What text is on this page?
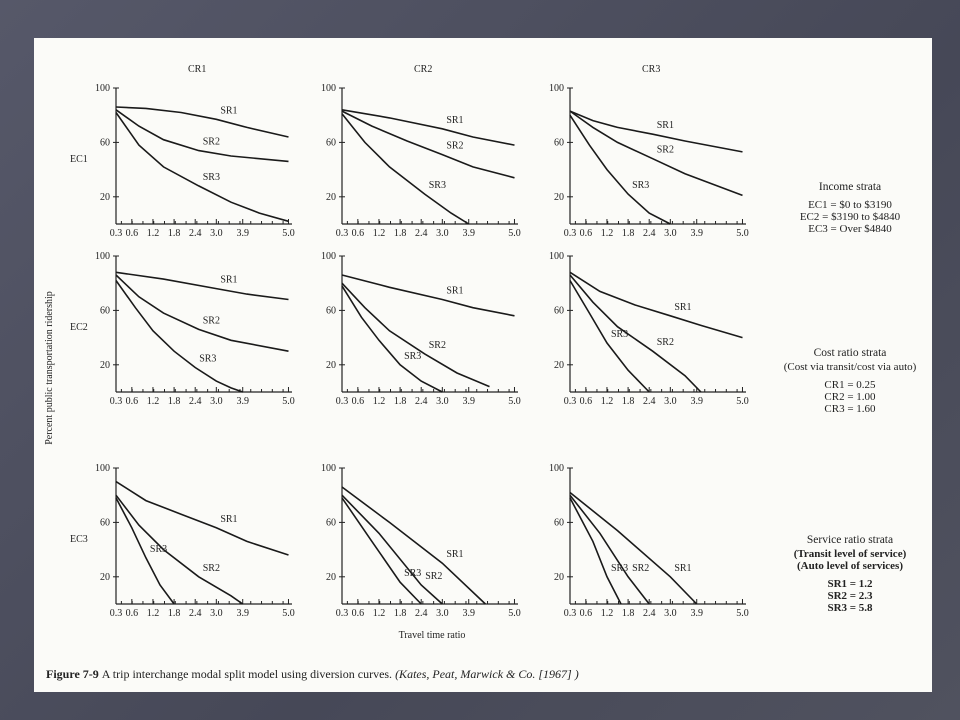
CR1	CR2	CR3
EC1
EC2
EC3
Percent public transportation ridership
20
60
100
0.3 0.6 1.2 1.8 2.4 3.0 3.9	5.0
SR1
SR2
SR3
20
60
100
0.3 0.6 1.2 1.8 2.4 3.0 3.9	5.0
SR1
SR2
SR3
20
60
100
0.3 0.6 1.2 1.8 2.4 3.0 3.9	5.0
SR1
SR2
SR3
20
60
100
0.3 0.6 1.2 1.8 2.4 3.0 3.9	5.0
SR1
SR2
SR3
20
60
100
0.3 0.6 1.2 1.8 2.4 3.0 3.9	5.0
SR1
SR2
SR3
20
60
100
0.3 0.6 1.2 1.8 2.4 3.0 3.9	5.0
SR1
SR2
SR3
20
60
100
0.3 0.6 1.2 1.8 2.4 3.0 3.9	5.0
SR1
SR2
SR3
20
60
100
0.3 0.6 1.2 1.8 2.4 3.0 3.9	5.0
SR1
SR2
SR3	20
60
100
0.3 0.6 1.2 1.8 2.4 3.0 3.9	5.0
SR1
SR2
SR3
Travel time ratio
Income strata
EC1 = $0 to $3190
EC2 = $3190 to $4840
EC3 = Over $4840
Cost ratio strata
(Cost via transit/cost via auto)
CR1 = 0.25
CR2 = 1.00
CR3 = 1.60
Service ratio strata
(Transit level of service)
(Auto level of services)
SR1 = 1.2
SR2 = 2.3
SR3 = 5.8
Figure 7-9 A trip interchange modal split model using diversion curves. (Kates, Peat, Marwick & Co. [1967] )
